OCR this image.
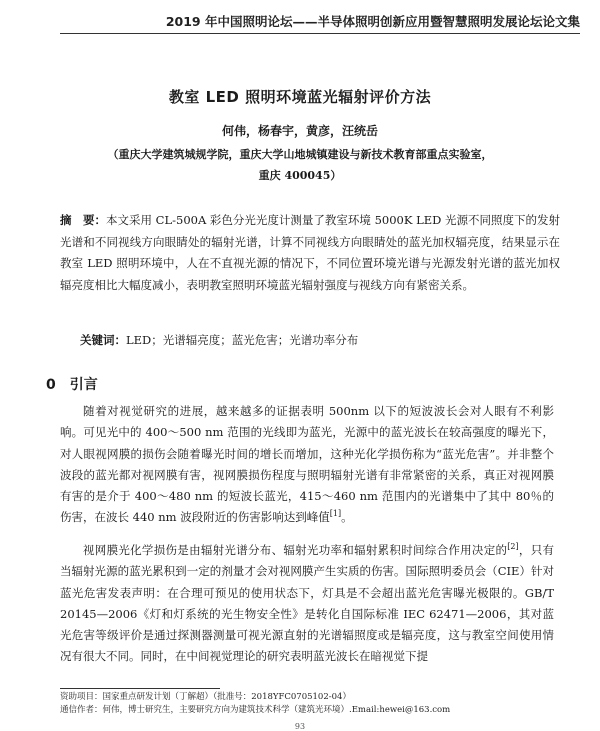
2019 年中国照明论坛——半导体照明创新应用暨智慧照明发展论坛论文集
教室 LED 照明环境蓝光辐射评价方法
何伟，杨春宇，黄彦，汪统岳
（重庆大学建筑城规学院，重庆大学山地城镇建设与新技术教育部重点实验室，
重庆 400045）
摘　要：本文采用 CL-500A 彩色分光光度计测量了教室环境 5000K LED 光源不同照度下的发射光谱和不同视线方向眼睛处的辐射光谱，计算不同视线方向眼睛处的蓝光加权辐亮度，结果显示在教室 LED 照明环境中，人在不直视光源的情况下，不同位置环境光谱与光源发射光谱的蓝光加权辐亮度相比大幅度减小，表明教室照明环境蓝光辐射强度与视线方向有紧密关系。
关键词：LED；光谱辐亮度；蓝光危害；光谱功率分布
0 引言
随着对视觉研究的进展，越来越多的证据表明 500nm 以下的短波波长会对人眼有不利影响。可见光中的 400～500 nm 范围的光线即为蓝光，光源中的蓝光波长在较高强度的曝光下，对人眼视网膜的损伤会随着曝光时间的增长而增加，这种光化学损伤称为“蓝光危害”。并非整个波段的蓝光都对视网膜有害，视网膜损伤程度与照明辐射光谱有非常紧密的关系，真正对视网膜有害的是介于 400～480 nm 的短波长蓝光，415～460 nm 范围内的光谱集中了其中 80％的伤害，在波长 440 nm 波段附近的伤害影响达到峰值[1]。
视网膜光化学损伤是由辐射光谱分布、辐射光功率和辐射累积时间综合作用决定的[2]，只有当辐射光源的蓝光累积到一定的剂量才会对视网膜产生实质的伤害。国际照明委员会（CIE）针对蓝光危害发表声明：在合理可预见的使用状态下，灯具是不会超出蓝光危害曝光极限的。GB/T 20145—2006《灯和灯系统的光生物安全性》是转化自国际标准 IEC 62471—2006，其对蓝光危害等级评价是通过探测器测量可视光源直射的光谱辐照度或是辐亮度，这与教室空间使用情况有很大不同。同时，在中间视觉理论的研究表明蓝光波长在暗视觉下提
资助项目：国家重点研发计划（丁解超）（批准号：2018YFC0705102-04）
通信作者：何伟，博士研究生，主要研究方向为建筑技术科学（建筑光环境）.Email:hewei@163.com
93
